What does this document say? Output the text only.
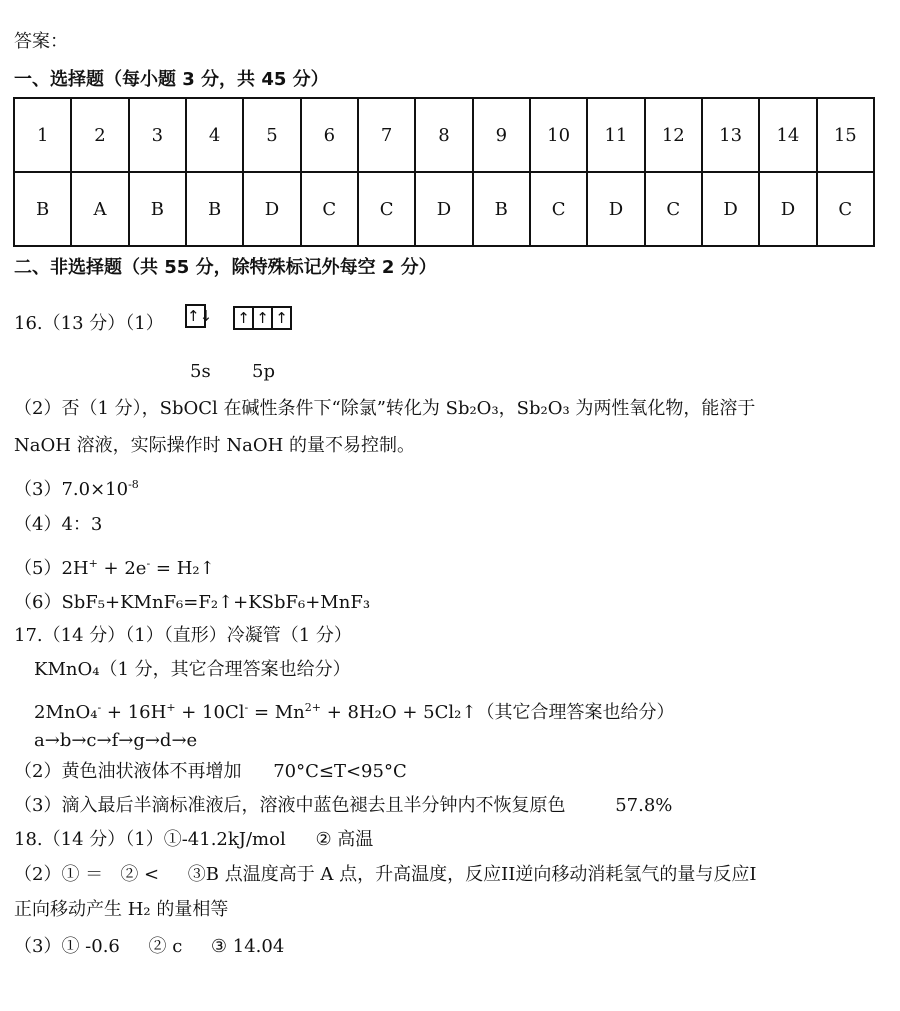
答案：
一、选择题（每小题 3 分，共 45 分）
1	2	3	4	5	6	7	8	9	10	11	12	13	14	15
B	A	B	B	D	C	C	D	B	C	D	C	D	D	C
二、非选择题（共 55 分，除特殊标记外每空 2 分）
16.（13 分）（1） ↑↓ ↑ ↑ ↑
5s 5p
（2）否（1 分），SbOCl 在碱性条件下“除氯”转化为 Sb₂O₃，Sb₂O₃ 为两性氧化物，能溶于
NaOH 溶液，实际操作时 NaOH 的量不易控制。
$(3)7.0\times 10^{-8}$
（4）4：3
（5）2H+ + 2e- = H₂↑
（6）SbF₅+KMnF₆=F₂↑+KSbF₆+MnF₃
17.（14 分）（1）（直形）冷凝管（1 分）
KMnO₄（1 分，其它合理答案也给分）
$2MnO_4^- + 16H^+ + 10Cl^- = Mn^{2+} + 8H_2O$ + 5Cl₂↑（其它合理答案也给分）
a→b→c→f→g→d→e
（2）黄色油状液体不再增加 70°C≤T<95°C
（3）滴入最后半滴标准液后，溶液中蓝色褪去且半分钟内不恢复原色	57.8%
18.（14 分）（1）①-41.2kJ/mol ② 高温
（2）① ＝   ② <     ③B 点温度高于 A 点，升高温度，反应II逆向移动消耗氢气的量与反应I
正向移动产生 H₂ 的量相等
（3）① -0.6     ② c     ③ 14.04
